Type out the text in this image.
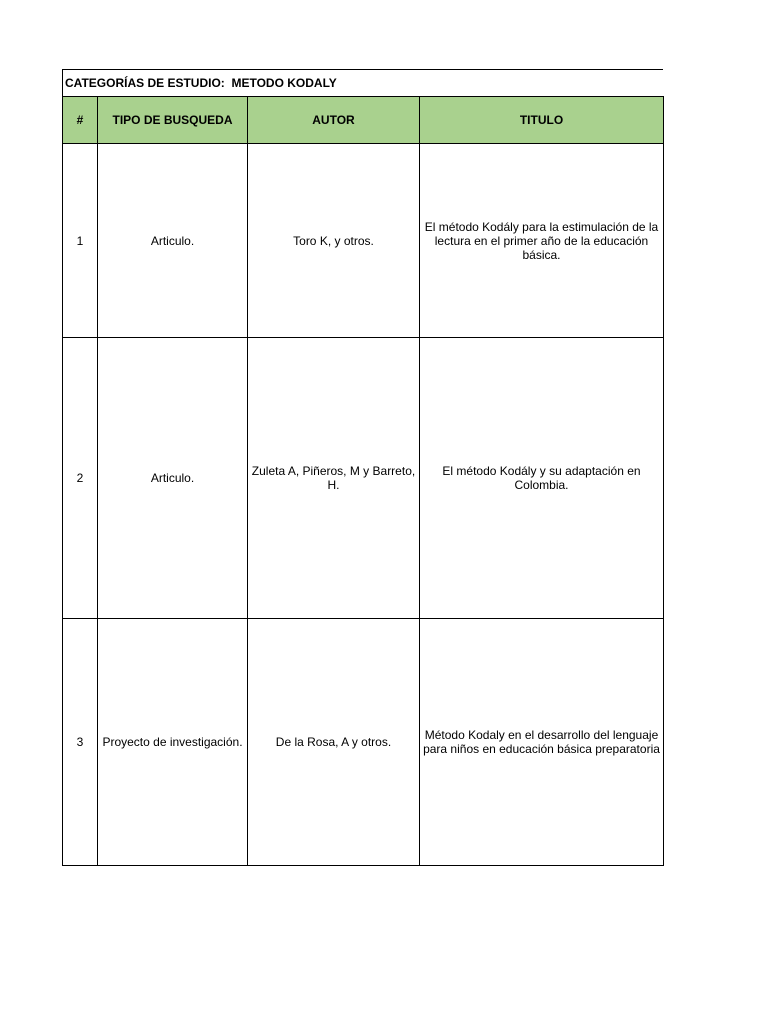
CATEGORÍAS DE ESTUDIO:  METODO KODALY
#	TIPO DE BUSQUEDA	AUTOR	TITULO
1	Articulo.	Toro K, y otros.	El método Kodály para la estimulación de la lectura en el primer año de la educación básica.
2	Articulo.	Zuleta A, Piñeros, M y Barreto, H.	El método Kodály y su adaptación en Colombia.
3	Proyecto de investigación.	De la Rosa, A y otros.	Método Kodaly en el desarrollo del lenguaje para niños en educación básica preparatoria
